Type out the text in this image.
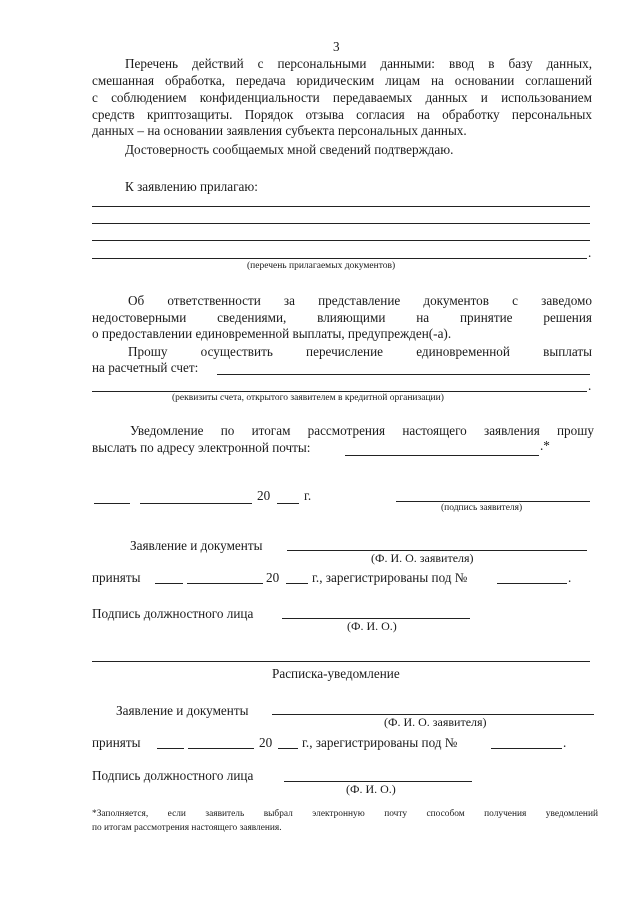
3
Перечень действий с персональными данными: ввод в базу данных,
смешанная обработка, передача юридическим лицам на основании соглашений
с соблюдением конфиденциальности передаваемых данных и использованием
средств криптозащиты. Порядок отзыва согласия на обработку персональных
данных – на основании заявления субъекта персональных данных.
Достоверность сообщаемых мной сведений подтверждаю.
К заявлению прилагаю:
.
(перечень прилагаемых документов)
Об ответственности за представление документов с заведомо
недостоверными сведениями, влияющими на принятие решения
о предоставлении единовременной выплаты, предупрежден(-а).
Прошу осуществить перечисление единовременной выплаты
на расчетный счет:
.
(реквизиты счета, открытого заявителем в кредитной организации)
Уведомление по итогам рассмотрения настоящего заявления прошу
выслать по адресу электронной почты:	.*
20	г.
(подпись заявителя)
Заявление и документы
(Ф. И. О. заявителя)
приняты	20 г., зарегистрированы под №	.
Подпись должностного лица
(Ф. И. О.)
Расписка-уведомление
Заявление и документы
(Ф. И. О. заявителя)
приняты	20 г., зарегистрированы под №	.
Подпись должностного лица
(Ф. И. О.)
*Заполняется, если заявитель выбрал электронную почту способом получения уведомлений
по итогам рассмотрения настоящего заявления.
